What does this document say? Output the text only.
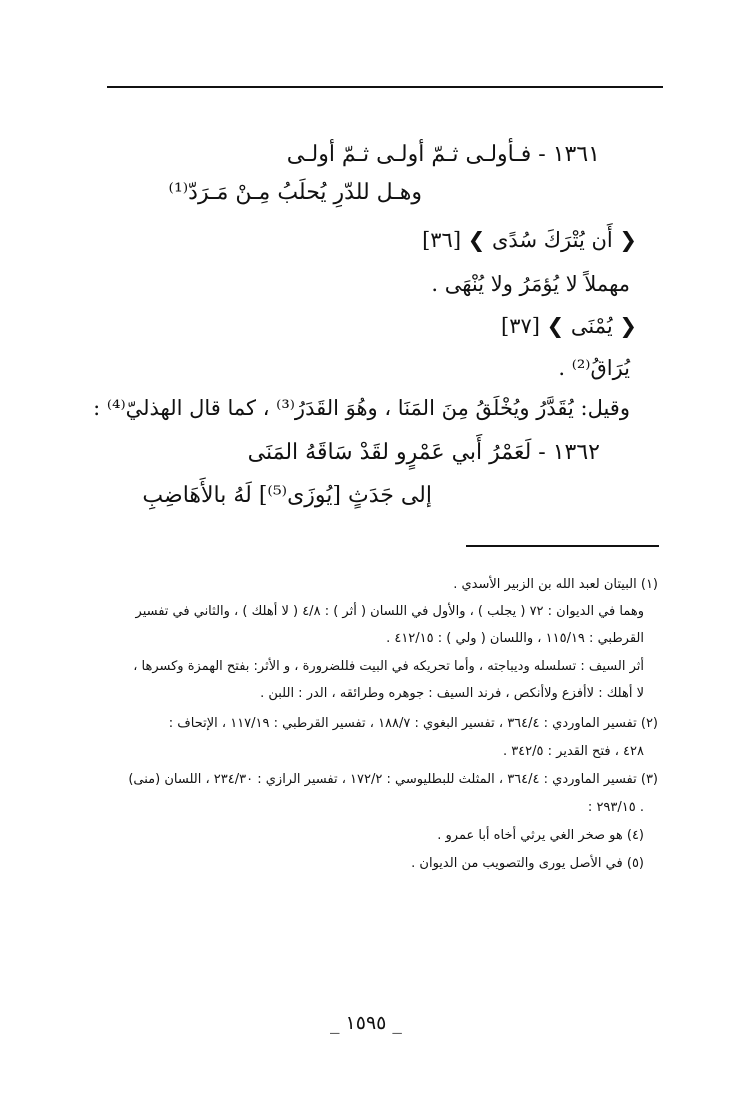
١٣٦١ - فـأولـى ثـمّ أولـى ثـمّ أولـى
وهـل للدّرِ يُحلَبُ مِـنْ مَـرَدّ⁽¹⁾
❮ أَن يُتْرَكَ سُدًى ❯ [٣٦]
مهملاً لا يُؤمَرُ ولا يُنْهَى .
❮ يُمْنَى ❯ [٣٧]
يُرَاقُ⁽²⁾ .
وقيل: يُقَدَّرُ ويُخْلَقُ مِنَ المَنَا ، وهُوَ القَدَرُ⁽³⁾ ، كما قال الهذليّ⁽⁴⁾ :
١٣٦٢ - لَعَمْرُ أَبي عَمْرٍو لقَدْ سَاقَهُ المَنَى
إلى جَدَثٍ [يُوزَى⁽⁵⁾] لَهُ بالأَهَاضِبِ
(١) البيتان لعبد الله بن الزبير الأسدي .
وهما في الديوان : ٧٢ ( يجلب ) ، والأول في اللسان ( أثر ) : ٤/٨ ( لا أهلك ) ، والثاني في تفسير
القرطبي : ١١٥/١٩ ، واللسان ( ولي ) : ٤١٢/١٥ .
أثر السيف : تسلسله وديباجته ، وأما تحريكه في البيت فللضرورة ، و الأثر: بفتح الهمزة وكسرها ،
لا أهلك : لاأفزع ولاأنكص ، فرند السيف : جوهره وطرائقه ، الدر : اللبن .
(٢) تفسير الماوردي : ٣٦٤/٤ ، تفسير البغوي : ١٨٨/٧ ، تفسير القرطبي : ١١٧/١٩ ، الإتحاف :
٤٢٨ ، فتح القدير : ٣٤٢/٥ .
(٣) تفسير الماوردي : ٣٦٤/٤ ، المثلث للبطليوسي : ١٧٢/٢ ، تفسير الرازي : ٢٣٤/٣٠ ، اللسان (منى)
: ٢٩٣/١٥ .
(٤) هو صخر الغي يرثي أخاه أبا عمرو .
(٥) في الأصل يورى والتصويب من الديوان .
_ ١٥٩٥ _
